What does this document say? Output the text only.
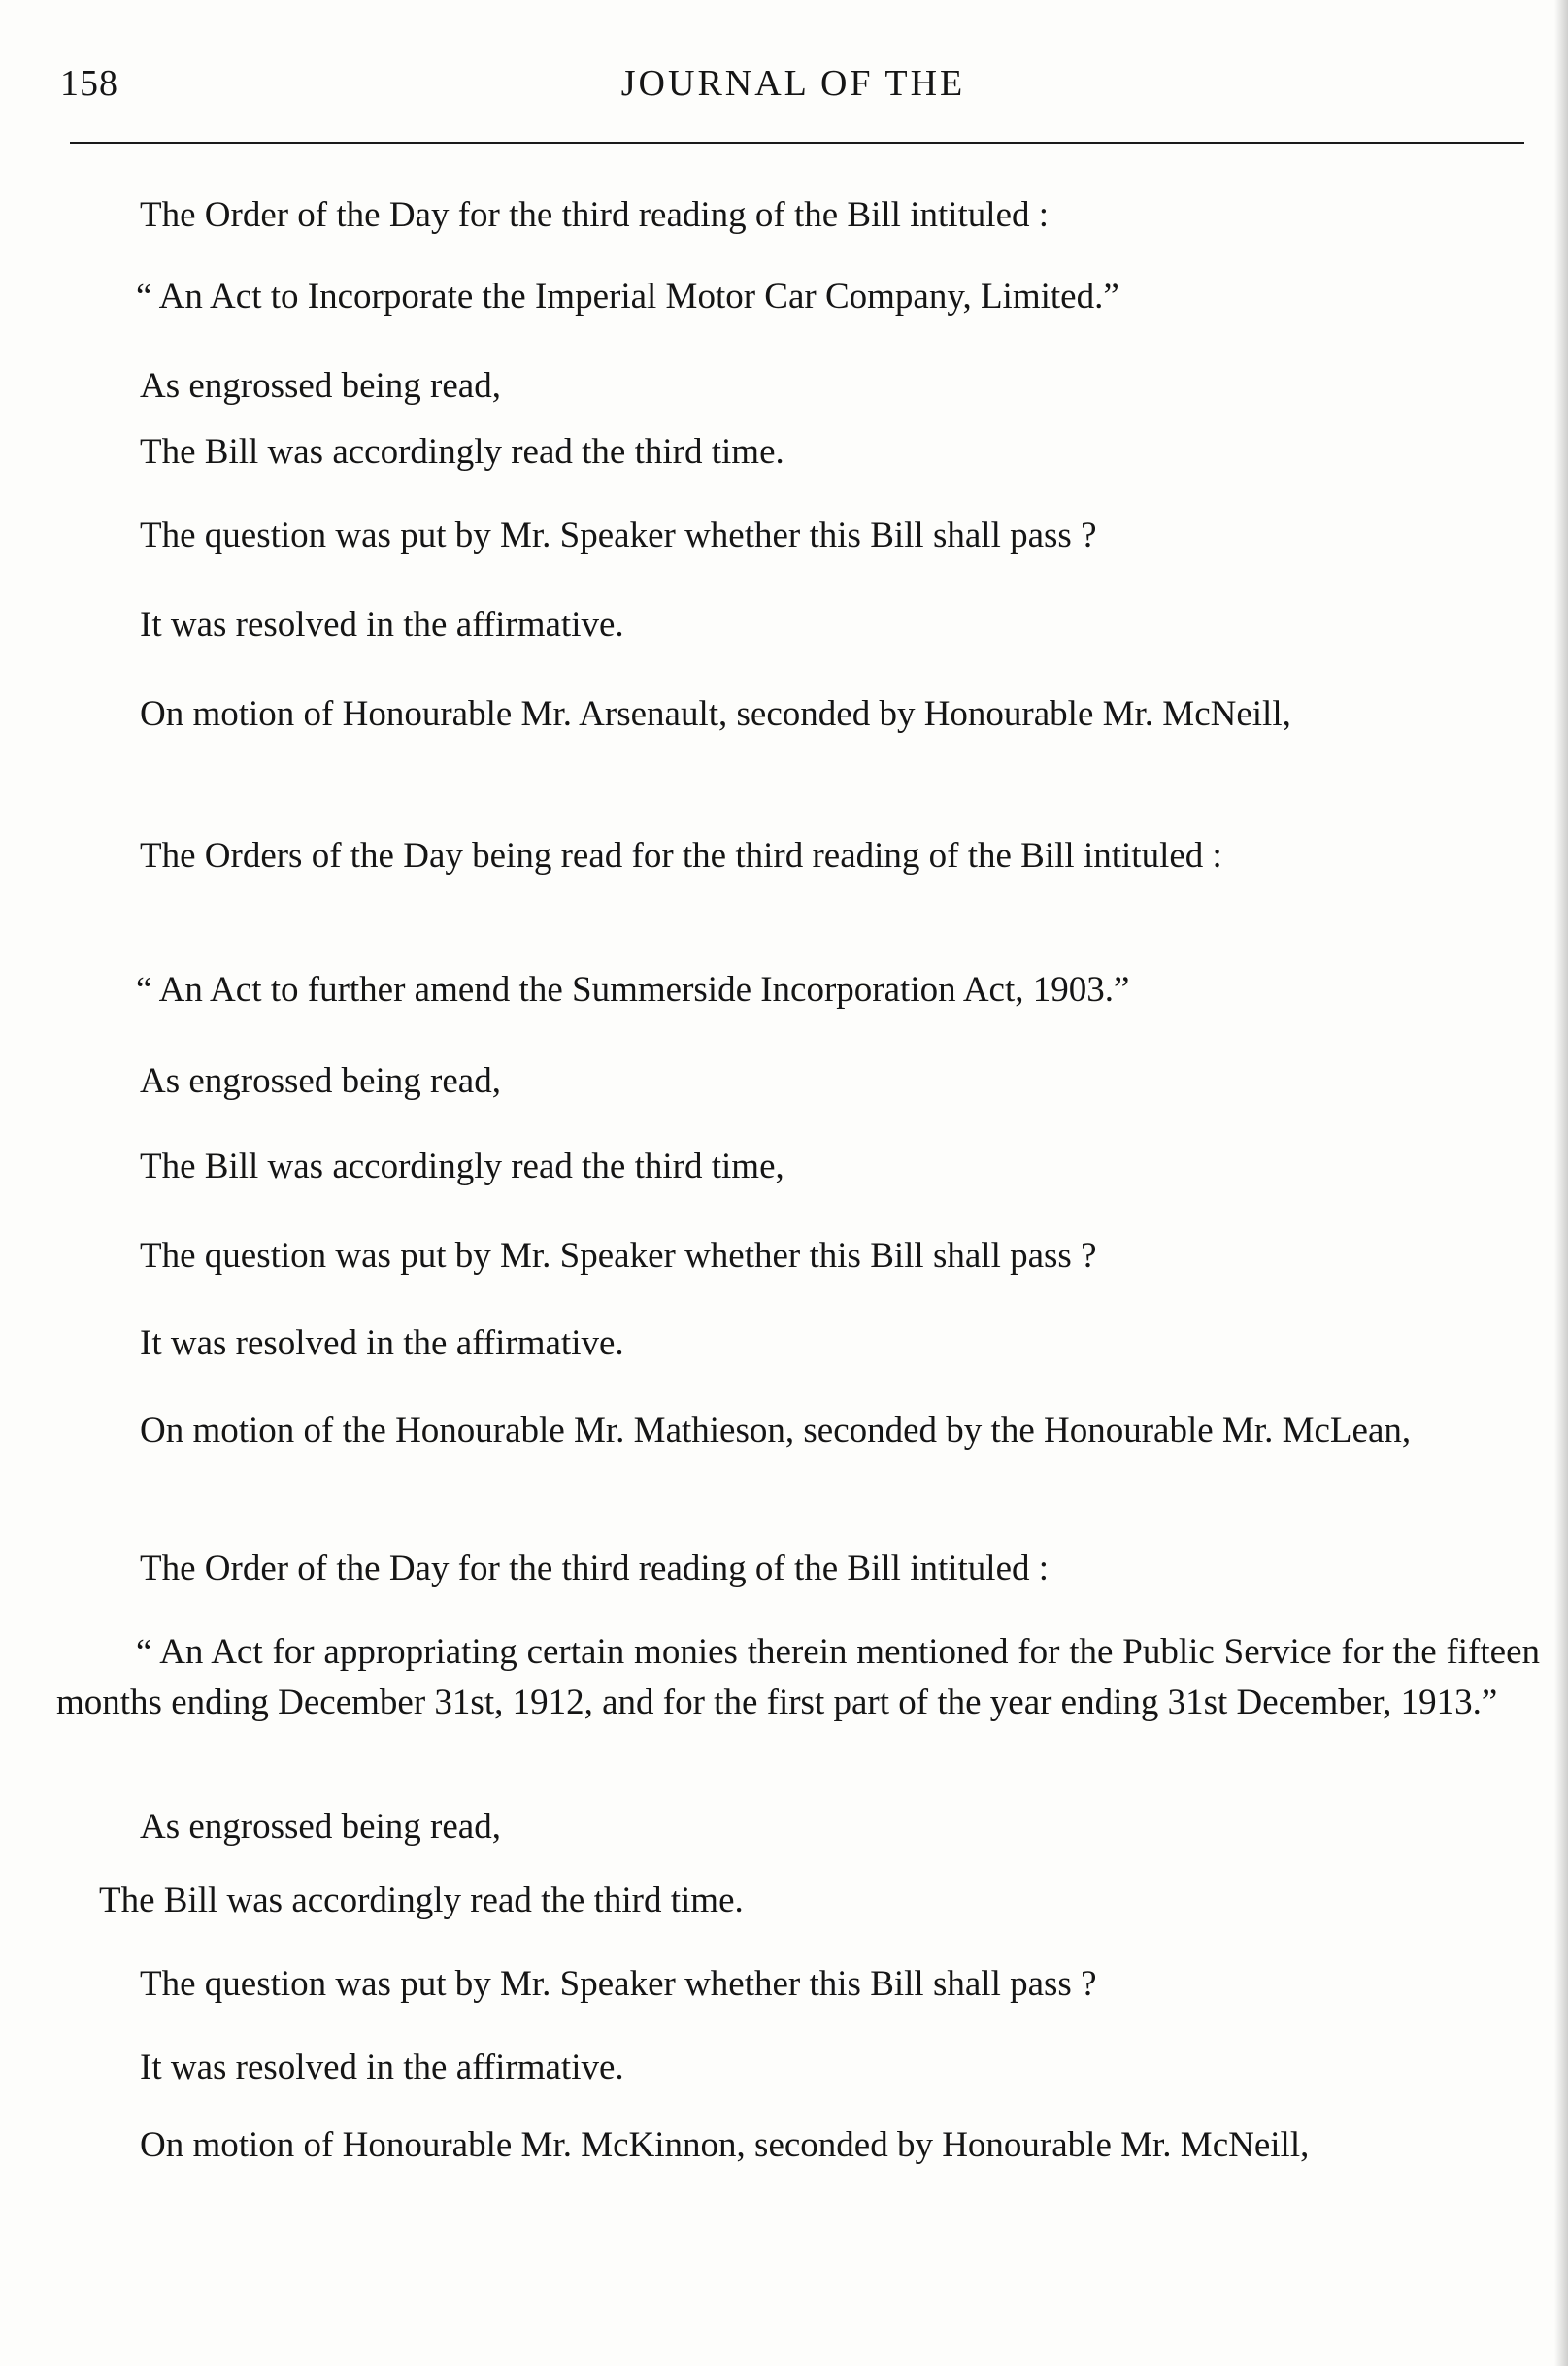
158	JOURNAL OF THE

The Order of the Day for the third reading of the Bill intituled :

“ An Act to Incorporate the Imperial Motor Car Company, Limited.”

As engrossed being read,

The Bill was accordingly read the third time.

The question was put by Mr. Speaker whether this Bill shall pass ?

It was resolved in the affirmative.

On motion of Honourable Mr. Arsenault, seconded by Honourable Mr. McNeill,

The Orders of the Day being read for the third reading of the Bill intituled :

“ An Act to further amend the Summerside Incorporation Act, 1903.”

As engrossed being read,

The Bill was accordingly read the third time,

The question was put by Mr. Speaker whether this Bill shall pass ?

It was resolved in the affirmative.

On motion of the Honourable Mr. Mathieson, seconded by the Honourable Mr. McLean,

The Order of the Day for the third reading of the Bill intituled :

“ An Act for appropriating certain monies therein mentioned for the Public Service for the fifteen months ending December 31st, 1912, and for the first part of the year ending 31st December, 1913.”

As engrossed being read,

The Bill was accordingly read the third time.

The question was put by Mr. Speaker whether this Bill shall pass ?

It was resolved in the affirmative.

On motion of Honourable Mr. McKinnon, seconded by Honourable Mr. McNeill,
